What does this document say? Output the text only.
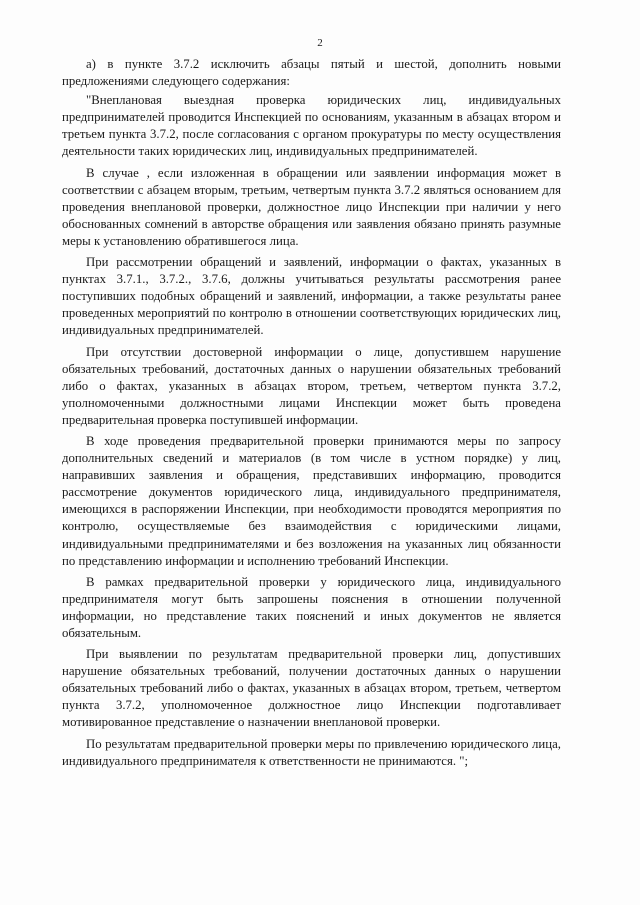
2

а) в пункте 3.7.2 исключить абзацы пятый и шестой, дополнить новыми предложениями следующего содержания:

"Внеплановая выездная проверка юридических лиц, индивидуальных предпринимателей проводится Инспекцией по основаниям, указанным в абзацах втором и третьем пункта 3.7.2, после согласования с органом прокуратуры по месту осуществления деятельности таких юридических лиц, индивидуальных предпринимателей.

В случае , если изложенная в обращении или заявлении информация может в соответствии с абзацем вторым, третьим, четвертым пункта 3.7.2 являться основанием для проведения внеплановой проверки, должностное лицо Инспекции при наличии у него обоснованных сомнений в авторстве обращения или заявления обязано принять разумные меры к установлению обратившегося лица.

При рассмотрении обращений и заявлений, информации о фактах, указанных в пунктах 3.7.1., 3.7.2., 3.7.6, должны учитываться результаты рассмотрения ранее поступивших подобных обращений и заявлений, информации, а также результаты ранее проведенных мероприятий по контролю в отношении соответствующих юридических лиц, индивидуальных предпринимателей.

При отсутствии достоверной информации о лице, допустившем нарушение обязательных требований, достаточных данных о нарушении обязательных требований либо о фактах, указанных в абзацах втором, третьем, четвертом пункта 3.7.2, уполномоченными должностными лицами Инспекции может быть проведена предварительная проверка поступившей информации.

В ходе проведения предварительной проверки принимаются меры по запросу дополнительных сведений и материалов (в том числе в устном порядке) у лиц, направивших заявления и обращения, представивших информацию, проводится рассмотрение документов юридического лица, индивидуального предпринимателя, имеющихся в распоряжении Инспекции, при необходимости проводятся мероприятия по контролю, осуществляемые без взаимодействия с юридическими лицами, индивидуальными предпринимателями и без возложения на указанных лиц обязанности по представлению информации и исполнению требований Инспекции.

В рамках предварительной проверки у юридического лица, индивидуального предпринимателя могут быть запрошены пояснения в отношении полученной информации, но представление таких пояснений и иных документов не является обязательным.

При выявлении по результатам предварительной проверки лиц, допустивших нарушение обязательных требований, получении достаточных данных о нарушении обязательных требований либо о фактах, указанных в абзацах втором, третьем, четвертом пункта 3.7.2, уполномоченное должностное лицо Инспекции подготавливает мотивированное представление о назначении внеплановой проверки.

По результатам предварительной проверки меры по привлечению юридического лица, индивидуального предпринимателя к ответственности не принимаются. ";
